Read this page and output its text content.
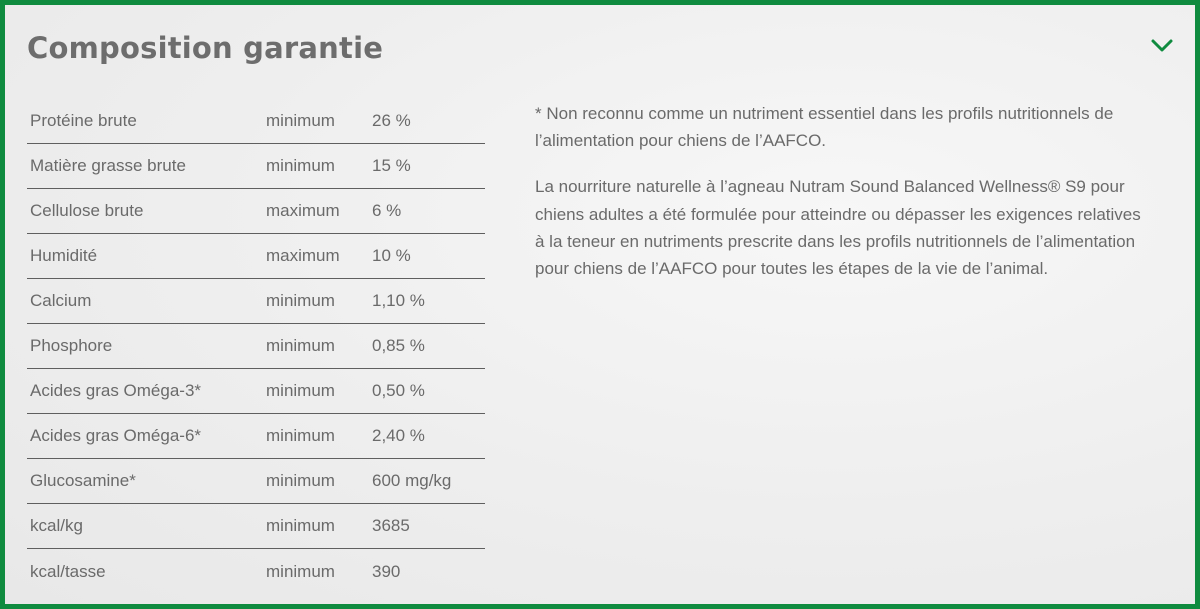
Composition garantie
Protéine brute	minimum	26 %
Matière grasse brute	minimum	15 %
Cellulose brute	maximum	6 %
Humidité	maximum	10 %
Calcium	minimum	1,10 %
Phosphore	minimum	0,85 %
Acides gras Oméga-3*	minimum	0,50 %
Acides gras Oméga-6*	minimum	2,40 %
Glucosamine*	minimum	600 mg/kg
kcal/kg	minimum	3685
kcal/tasse	minimum	390

* Non reconnu comme un nutriment essentiel dans les profils nutritionnels de l’alimentation pour chiens de l’AAFCO.

La nourriture naturelle à l’agneau Nutram Sound Balanced Wellness® S9 pour chiens adultes a été formulée pour atteindre ou dépasser les exigences relatives à la teneur en nutriments prescrite dans les profils nutritionnels de l’alimentation pour chiens de l’AAFCO pour toutes les étapes de la vie de l’animal.
